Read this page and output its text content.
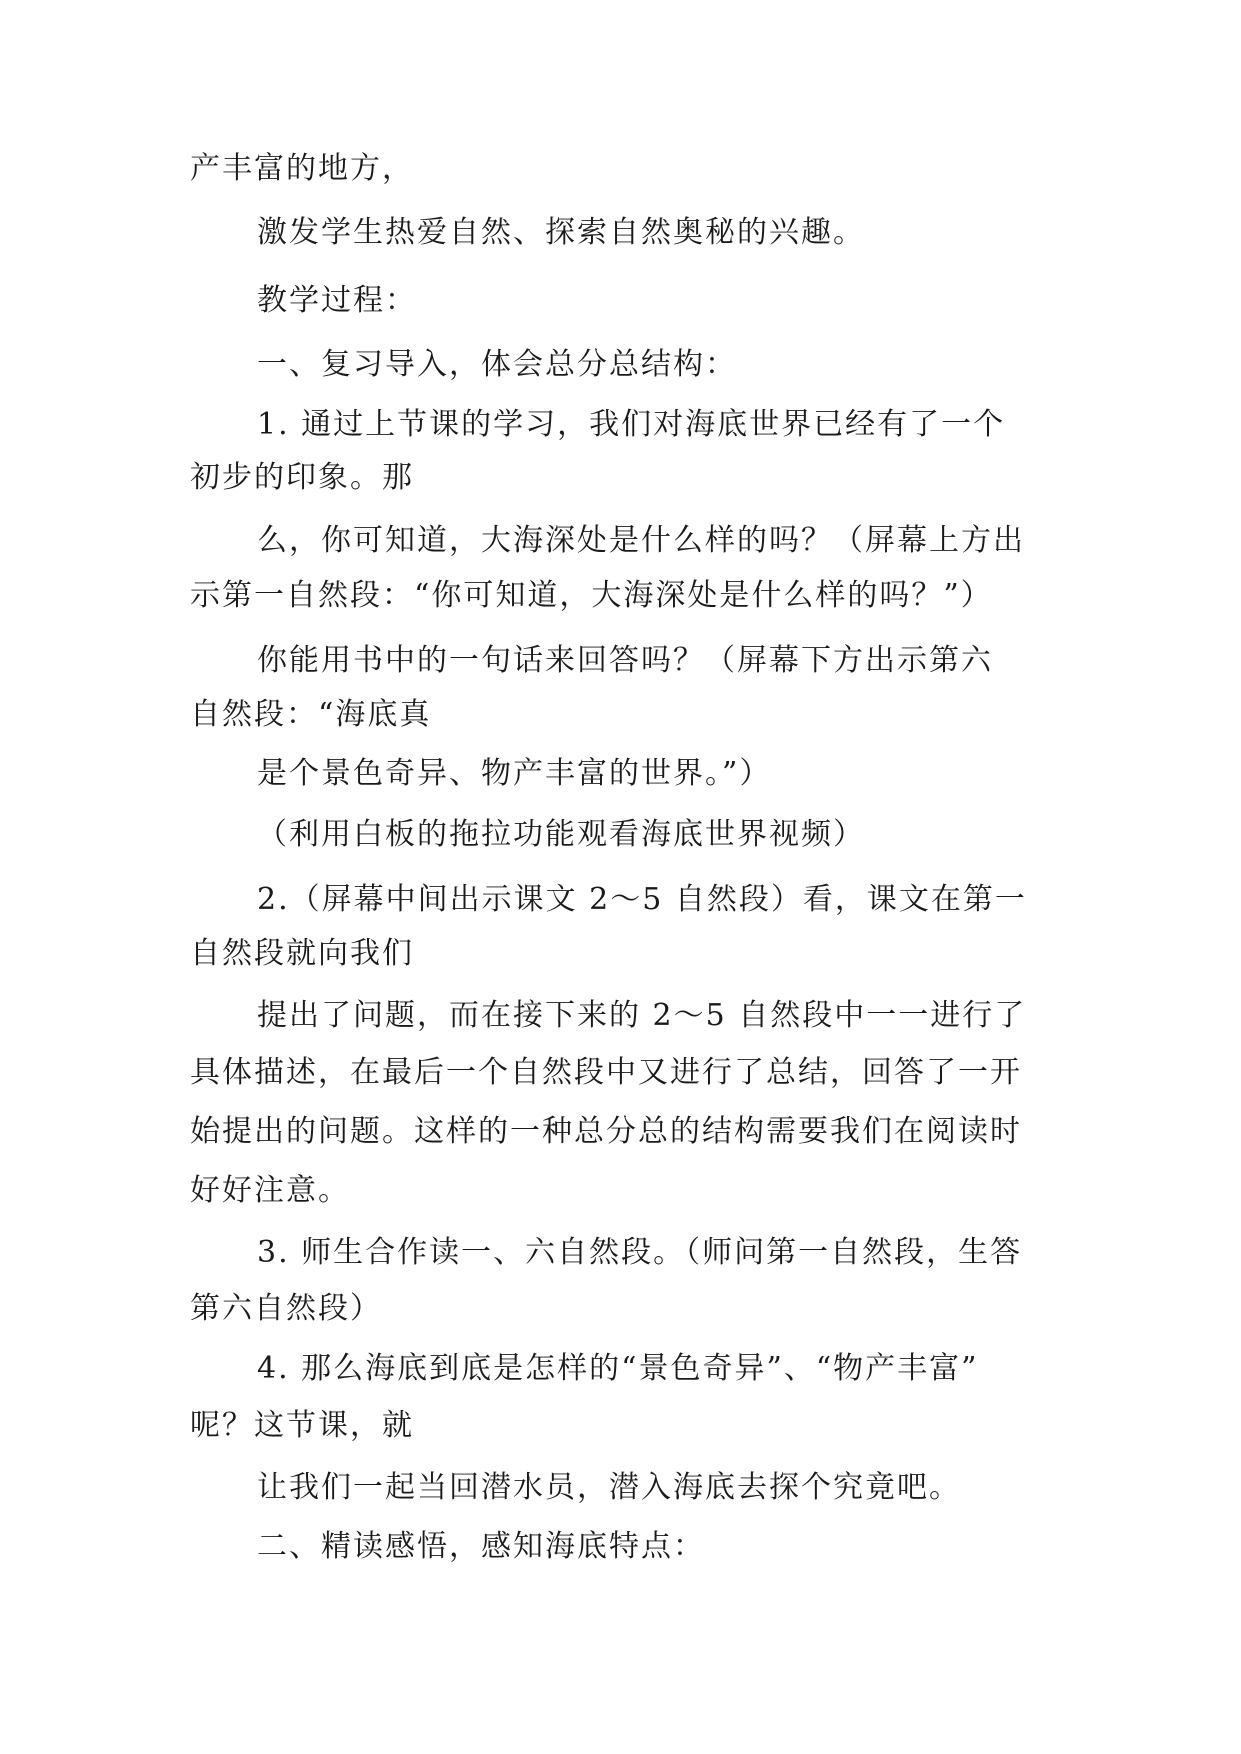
产丰富的地方，
激发学生热爱自然、探索自然奥秘的兴趣。
教学过程：
一、复习导入，体会总分总结构：
1. 通过上节课的学习，我们对海底世界已经有了一个
初步的印象。那
么，你可知道，大海深处是什么样的吗？（屏幕上方出
示第一自然段：“你可知道，大海深处是什么样的吗？”）
你能用书中的一句话来回答吗？（屏幕下方出示第六
自然段：“海底真
是个景色奇异、物产丰富的世界。”）
（利用白板的拖拉功能观看海底世界视频）
2.（屏幕中间出示课文 2～5 自然段）看，课文在第一
自然段就向我们
提出了问题，而在接下来的 2～5 自然段中一一进行了
具体描述，在最后一个自然段中又进行了总结，回答了一开
始提出的问题。这样的一种总分总的结构需要我们在阅读时
好好注意。
3. 师生合作读一、六自然段。（师问第一自然段，生答
第六自然段）
4. 那么海底到底是怎样的“景色奇异”、“物产丰富”
呢？这节课，就
让我们一起当回潜水员，潜入海底去探个究竟吧。
二、精读感悟，感知海底特点：
